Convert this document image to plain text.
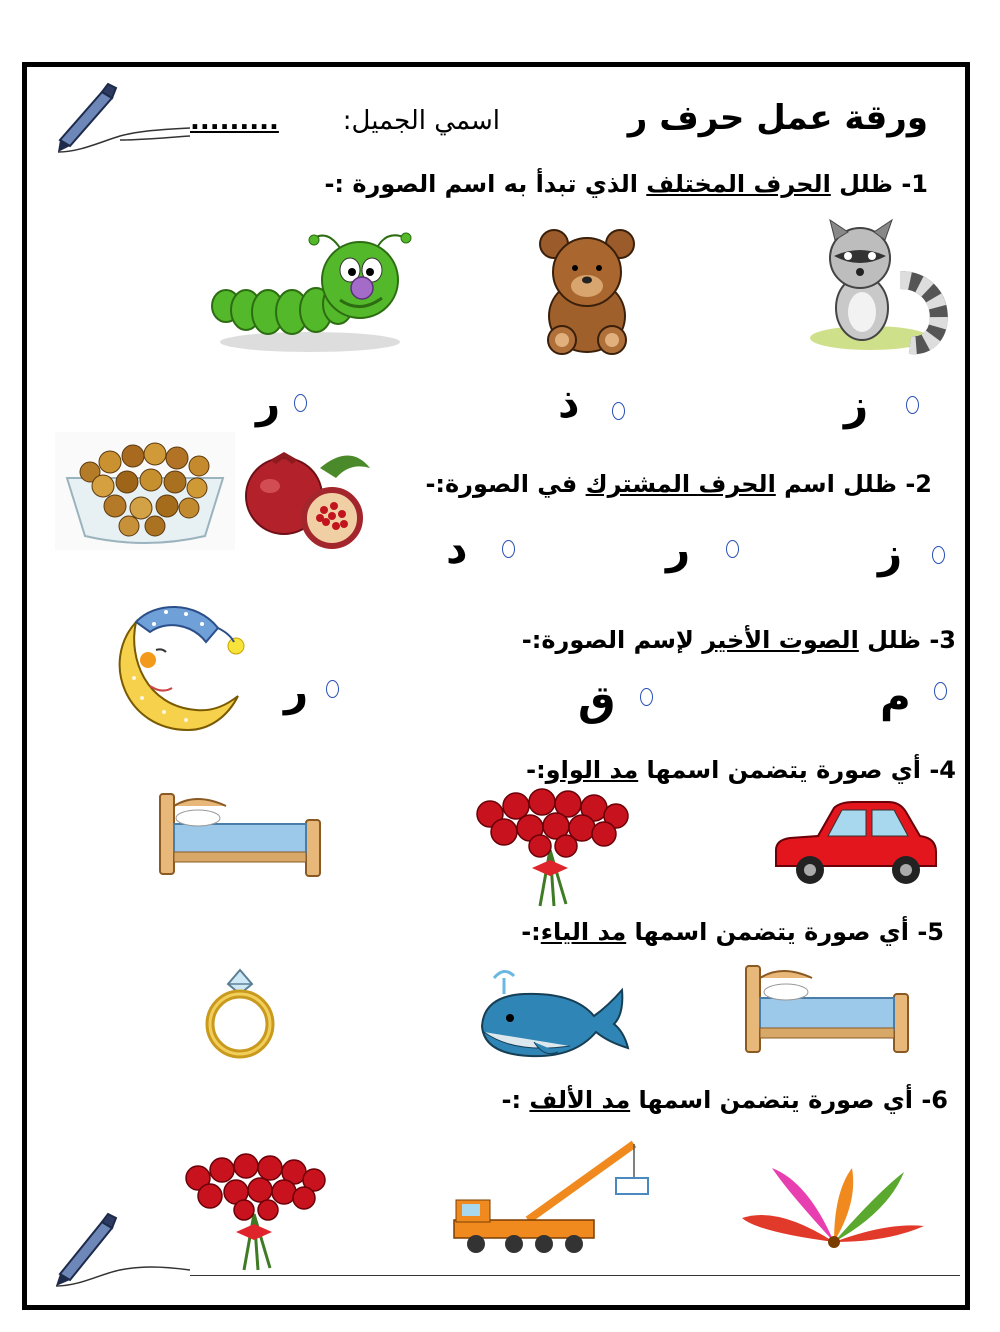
ورقة عمل حرف ر
اسمي الجميل:
.........
1- ظلل الحرف المختلف الذي تبدأ به اسم الصورة :-
ز
ذ
ر
2- ظلل اسم الحرف المشترك في الصورة:-
ز
ر
د
3- ظلل الصوت الأخير لإسم الصورة:-
م
ق
ر
4- أي صورة يتضمن اسمها مد الواو:-
5- أي صورة يتضمن اسمها مد الياء:-
6- أي صورة يتضمن اسمها مد الألف :-
